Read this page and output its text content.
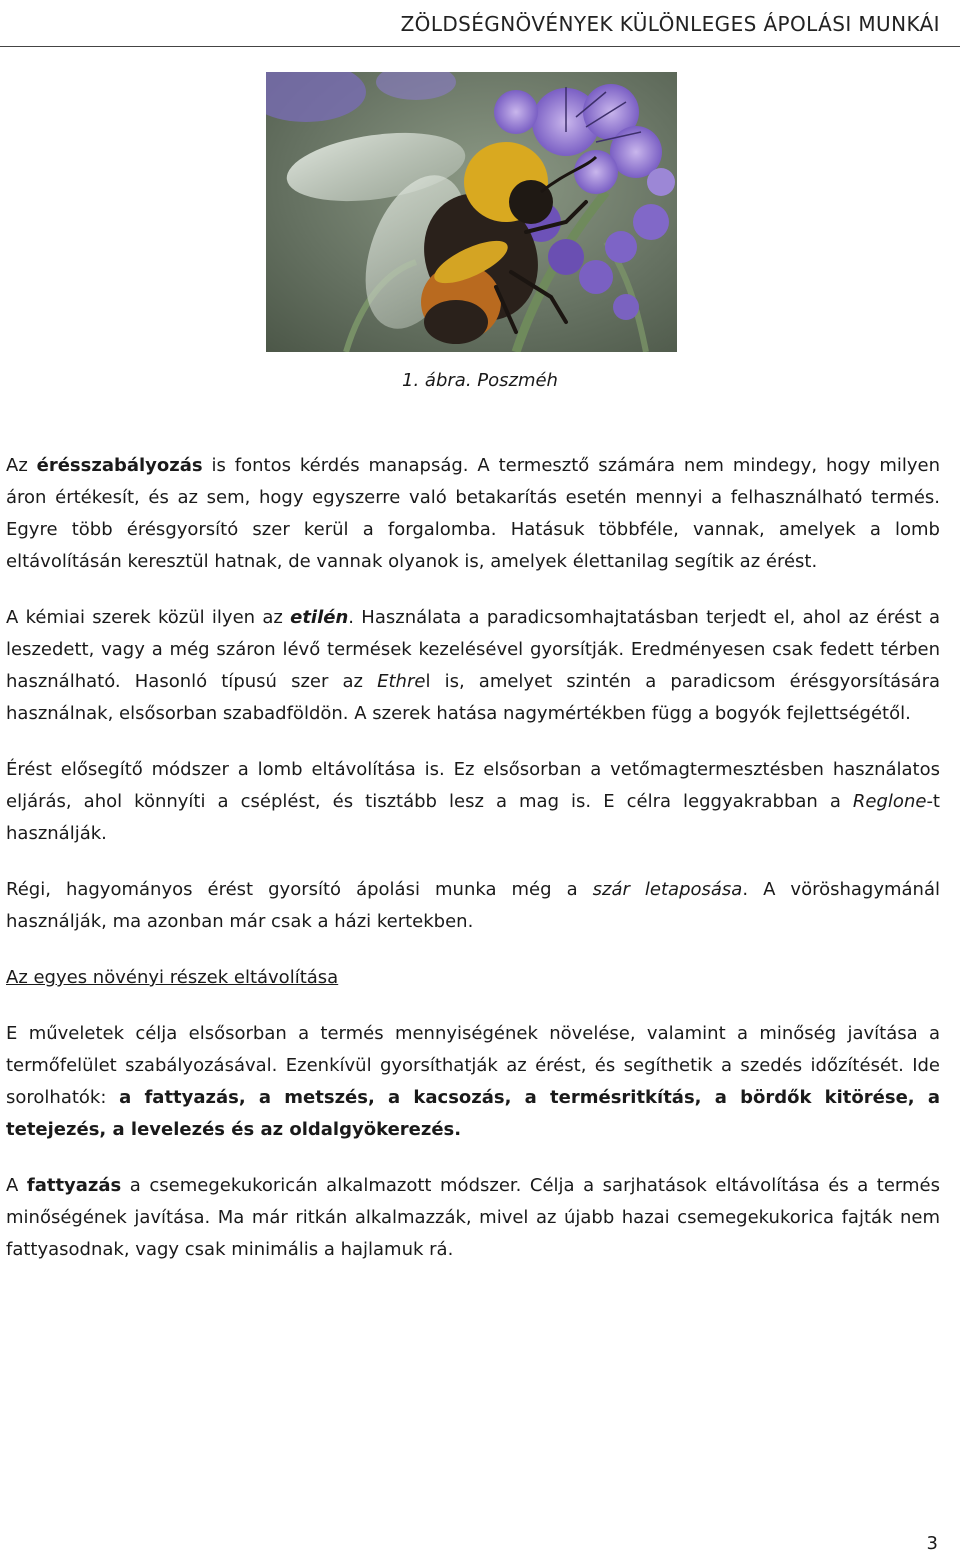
ZÖLDSÉGNÖVÉNYEK KÜLÖNLEGES ÁPOLÁSI MUNKÁI
1. ábra. Poszméh

Az érésszabályozás is fontos kérdés manapság. A termesztő számára nem mindegy, hogy milyen áron értékesít, és az sem, hogy egyszerre való betakarítás esetén mennyi a felhasználható termés. Egyre több érésgyorsító szer kerül a forgalomba. Hatásuk többféle, vannak, amelyek a lomb eltávolításán keresztül hatnak, de vannak olyanok is, amelyek élettanilag segítik az érést.

A kémiai szerek közül ilyen az etilén. Használata a paradicsomhajtatásban terjedt el, ahol az érést a leszedett, vagy a még száron lévő termések kezelésével gyorsítják. Eredményesen csak fedett térben használható. Hasonló típusú szer az Ethrel is, amelyet szintén a paradicsom érésgyorsítására használnak, elsősorban szabadföldön. A szerek hatása nagymértékben függ a bogyók fejlettségétől.

Érést elősegítő módszer a lomb eltávolítása is. Ez elsősorban a vetőmagtermesztésben használatos eljárás, ahol könnyíti a cséplést, és tisztább lesz a mag is. E célra leggyakrabban a Reglone-t használják.

Régi, hagyományos érést gyorsító ápolási munka még a szár letaposása. A vöröshagymánál használják, ma azonban már csak a házi kertekben.

Az egyes növényi részek eltávolítása

E műveletek célja elsősorban a termés mennyiségének növelése, valamint a minőség javítása a termőfelület szabályozásával. Ezenkívül gyorsíthatják az érést, és segíthetik a szedés időzítését. Ide sorolhatók: a fattyazás, a metszés, a kacsozás, a termésritkítás, a bördők kitörése, a tetejezés, a levelezés és az oldalgyökerezés.

A fattyazás a csemegekukoricán alkalmazott módszer. Célja a sarjhatások eltávolítása és a termés minőségének javítása. Ma már ritkán alkalmazzák, mivel az újabb hazai csemegekukorica fajták nem fattyasodnak, vagy csak minimális a hajlamuk rá.

3
